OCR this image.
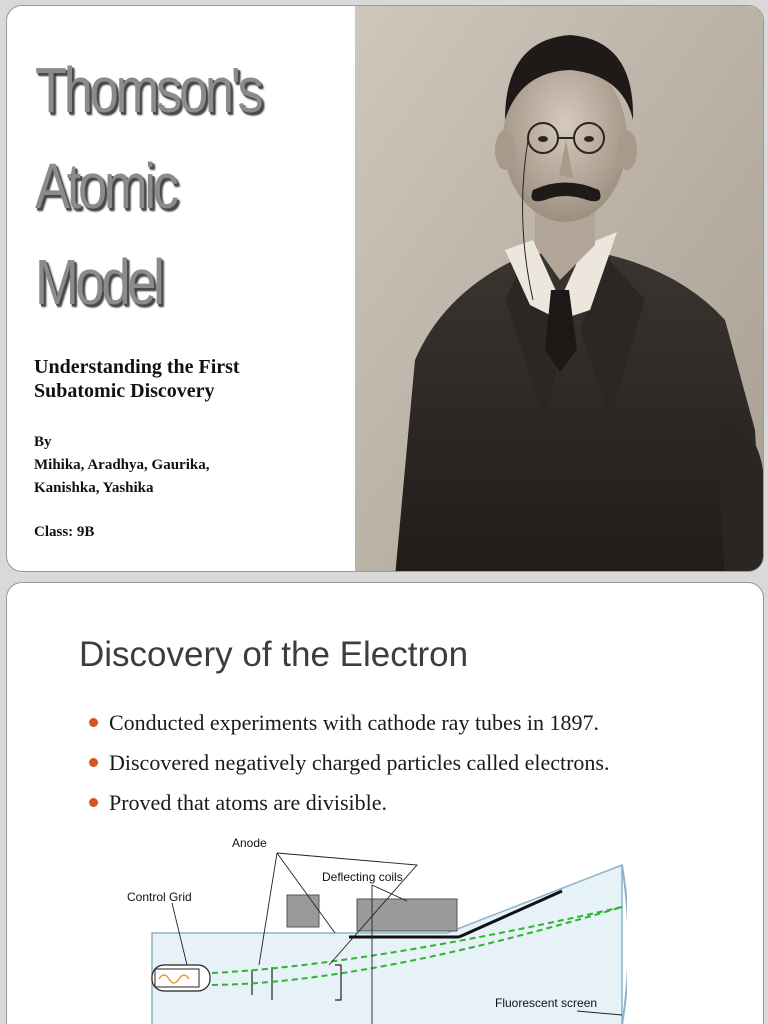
Thomson's
Atomic
Model
Understanding the First Subatomic Discovery
By
Mihika, Aradhya, Gaurika,
Kanishka, Yashika
Class: 9B
Discovery of the Electron
Conducted experiments with cathode ray tubes in 1897.
Discovered negatively charged particles called electrons.
Proved that atoms are divisible.
Anode
Deflecting coils
Control Grid
Fluorescent screen
